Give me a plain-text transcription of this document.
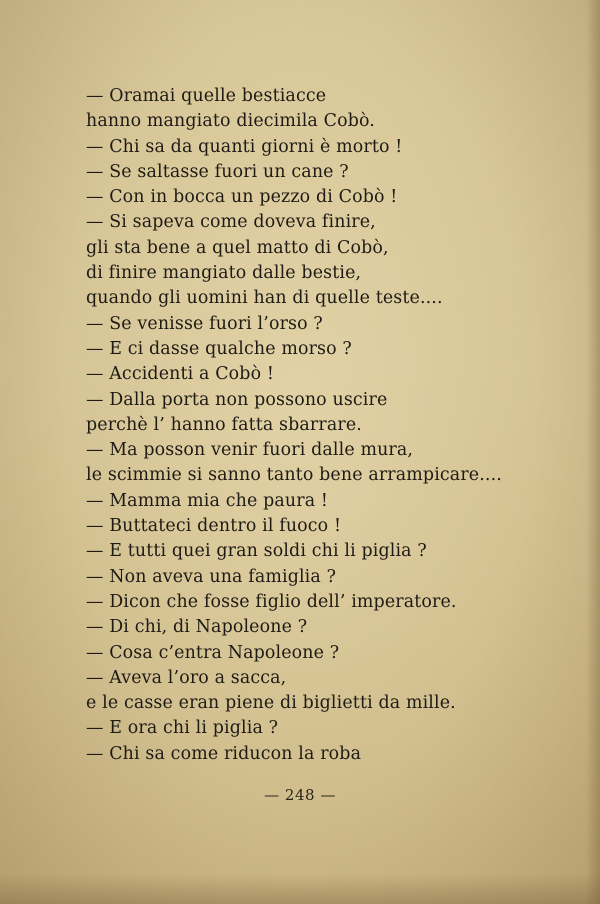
— Oramai quelle bestiacce
hanno mangiato diecimila Cobò.
— Chi sa da quanti giorni è morto !
— Se saltasse fuori un cane ?
— Con in bocca un pezzo di Cobò !
— Si sapeva come doveva finire,
gli sta bene a quel matto di Cobò,
di finire mangiato dalle bestie,
quando gli uomini han di quelle teste....
— Se venisse fuori l’orso ?
— E ci dasse qualche morso ?
— Accidenti a Cobò !
— Dalla porta non possono uscire
perchè l’ hanno fatta sbarrare.
— Ma posson venir fuori dalle mura,
le scimmie si sanno tanto bene arrampicare....
— Mamma mia che paura !
— Buttateci dentro il fuoco !
— E tutti quei gran soldi chi li piglia ?
— Non aveva una famiglia ?
— Dicon che fosse figlio dell’ imperatore.
— Di chi, di Napoleone ?
— Cosa c’entra Napoleone ?
— Aveva l’oro a sacca,
e le casse eran piene di biglietti da mille.
— E ora chi li piglia ?
— Chi sa come riducon la roba
— 248 —
